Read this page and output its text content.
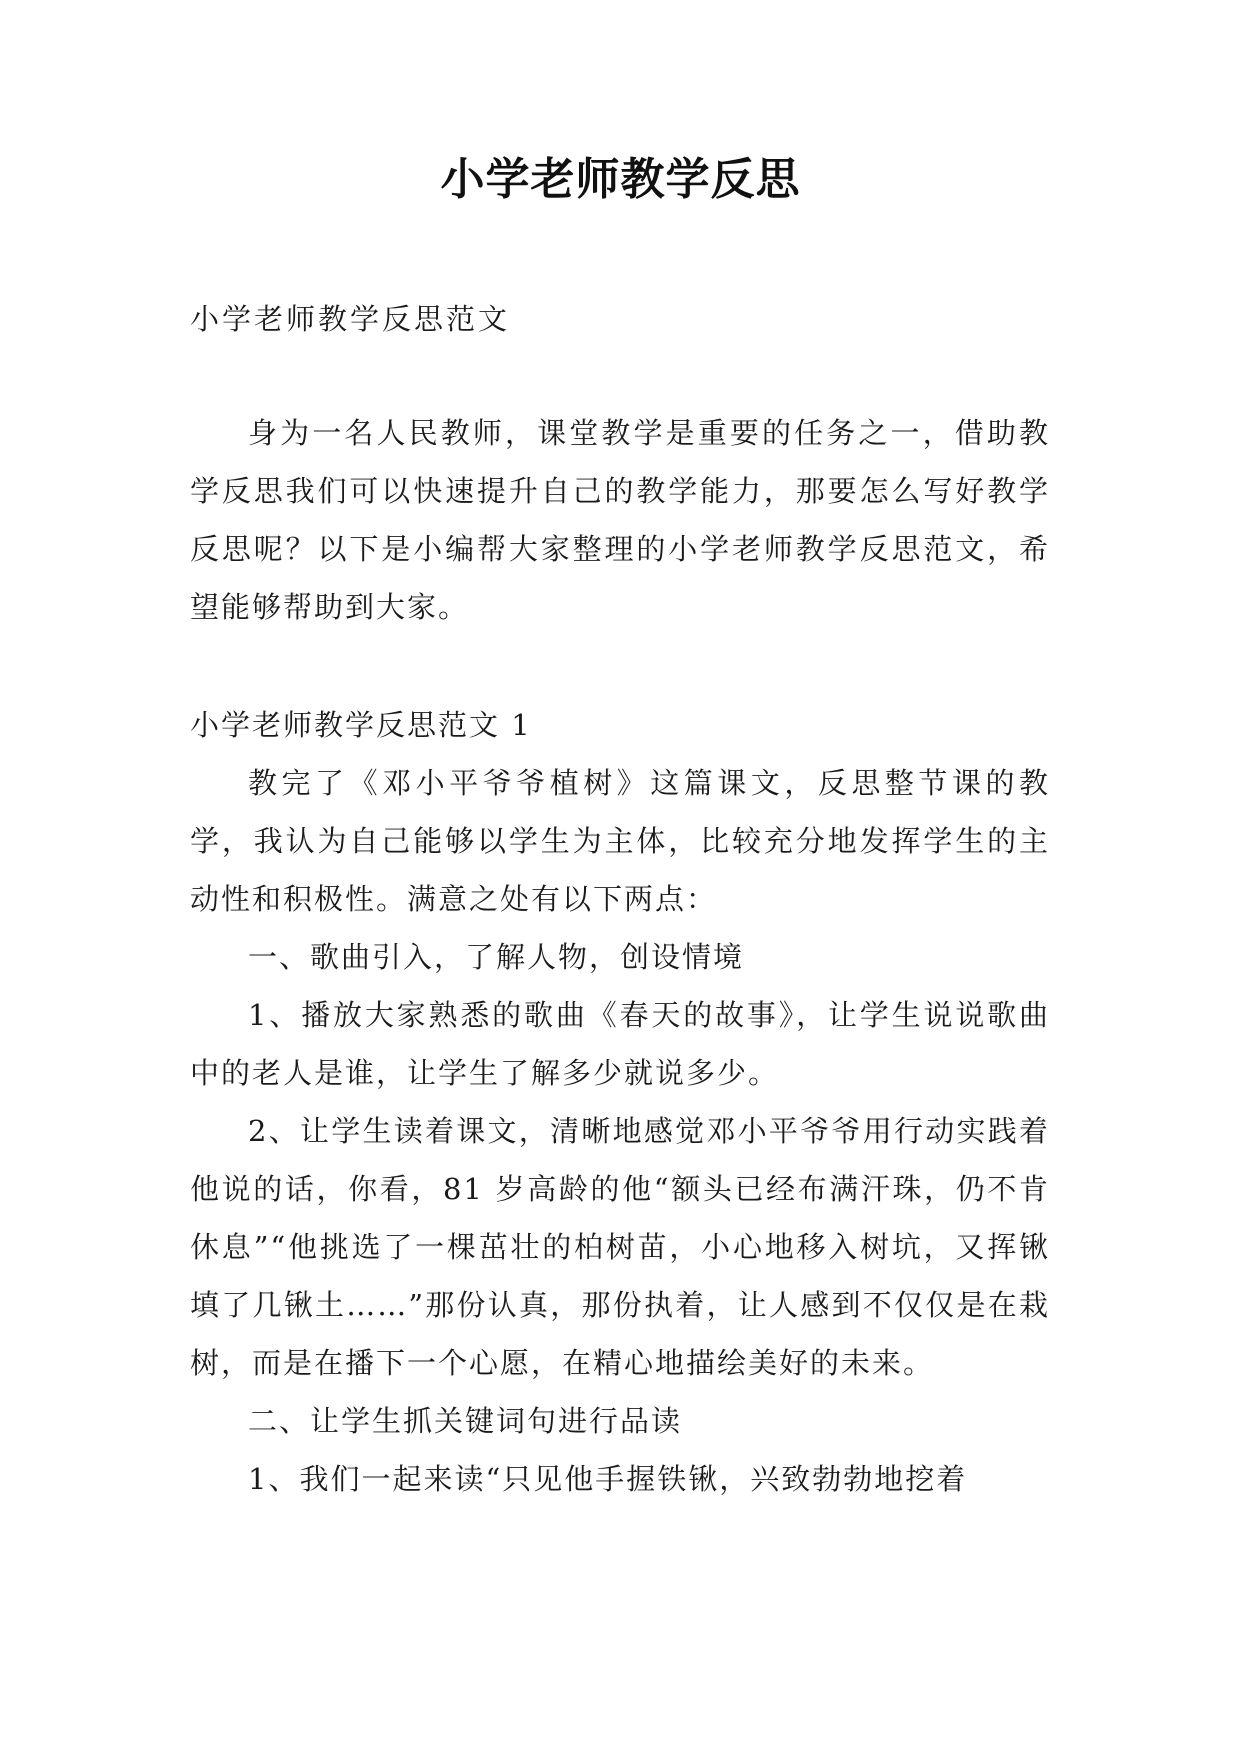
小学老师教学反思
小学老师教学反思范文

身为一名人民教师，课堂教学是重要的任务之一，借助教学反思我们可以快速提升自己的教学能力，那要怎么写好教学反思呢？以下是小编帮大家整理的小学老师教学反思范文，希望能够帮助到大家。

小学老师教学反思范文 1

教完了《邓小平爷爷植树》这篇课文，反思整节课的教学，我认为自己能够以学生为主体，比较充分地发挥学生的主动性和积极性。满意之处有以下两点：

一、歌曲引入，了解人物，创设情境

1、播放大家熟悉的歌曲《春天的故事》，让学生说说歌曲中的老人是谁，让学生了解多少就说多少。

2、让学生读着课文，清晰地感觉邓小平爷爷用行动实践着他说的话，你看，81 岁高龄的他“额头已经布满汗珠，仍不肯休息”“他挑选了一棵茁壮的柏树苗，小心地移入树坑，又挥锹填了几锹土……”那份认真，那份执着，让人感到不仅仅是在栽树，而是在播下一个心愿，在精心地描绘美好的未来。

二、让学生抓关键词句进行品读

1、我们一起来读“只见他手握铁锹，兴致勃勃地挖着
